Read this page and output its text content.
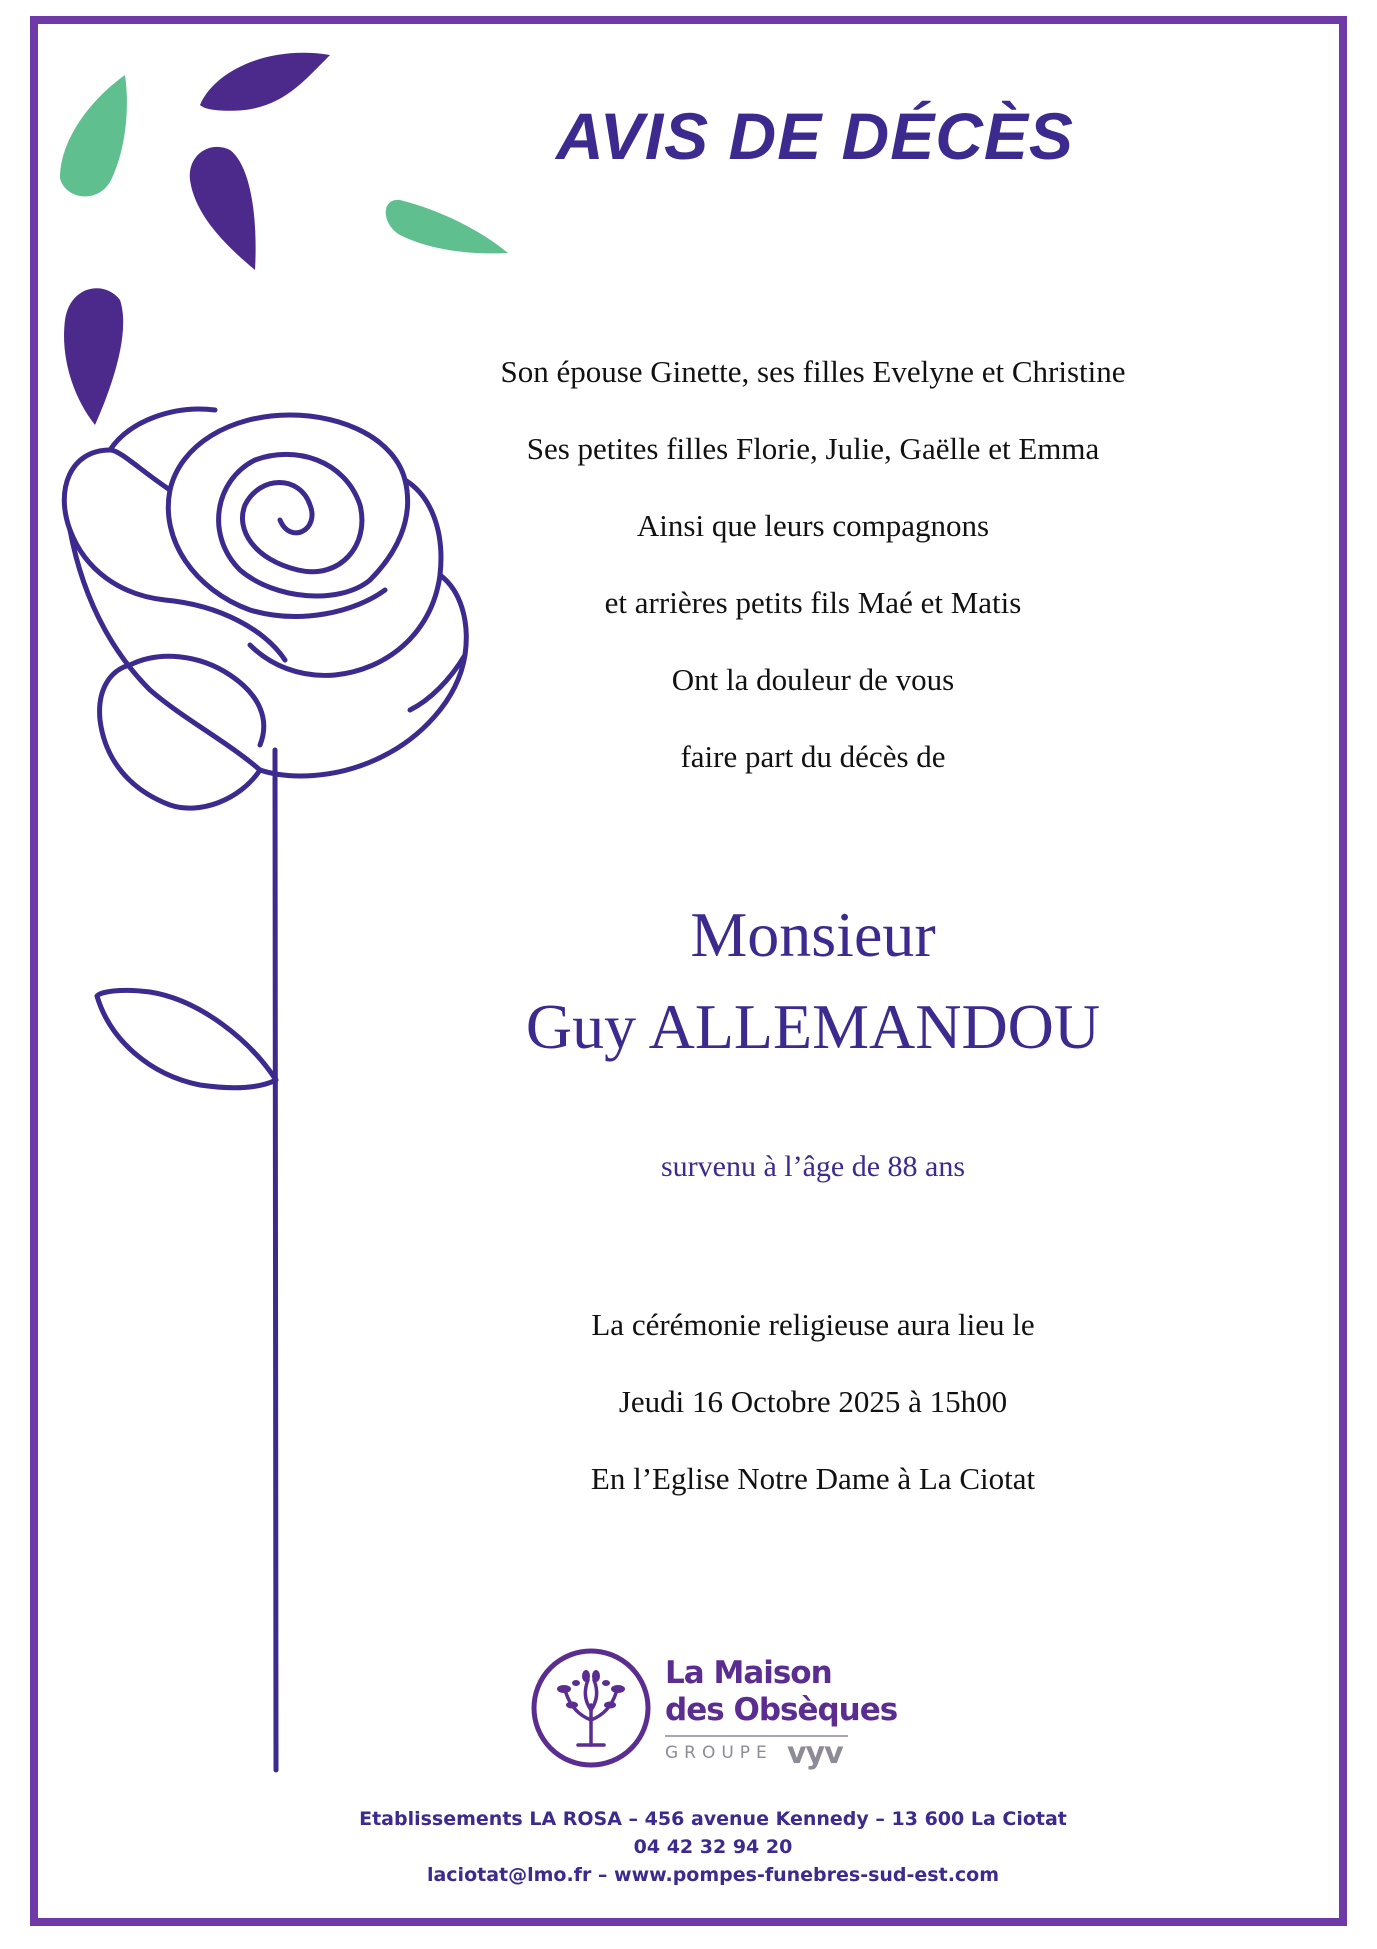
AVIS DE DÉCÈS
Son épouse Ginette, ses filles Evelyne et Christine
Ses petites filles Florie, Julie, Gaëlle et Emma
Ainsi que leurs compagnons
et arrières petits fils Maé et Matis
Ont la douleur de vous
faire part du décès de
Monsieur
Guy ALLEMANDOU
survenu à l’âge de 88 ans
La cérémonie religieuse aura lieu le
Jeudi 16 Octobre 2025 à 15h00
En l’Eglise Notre Dame à La Ciotat
La Maison
des Obsèques
GROUPE vyv
Etablissements LA ROSA – 456 avenue Kennedy – 13 600 La Ciotat
04 42 32 94 20
laciotat@lmo.fr – www.pompes-funebres-sud-est.com
